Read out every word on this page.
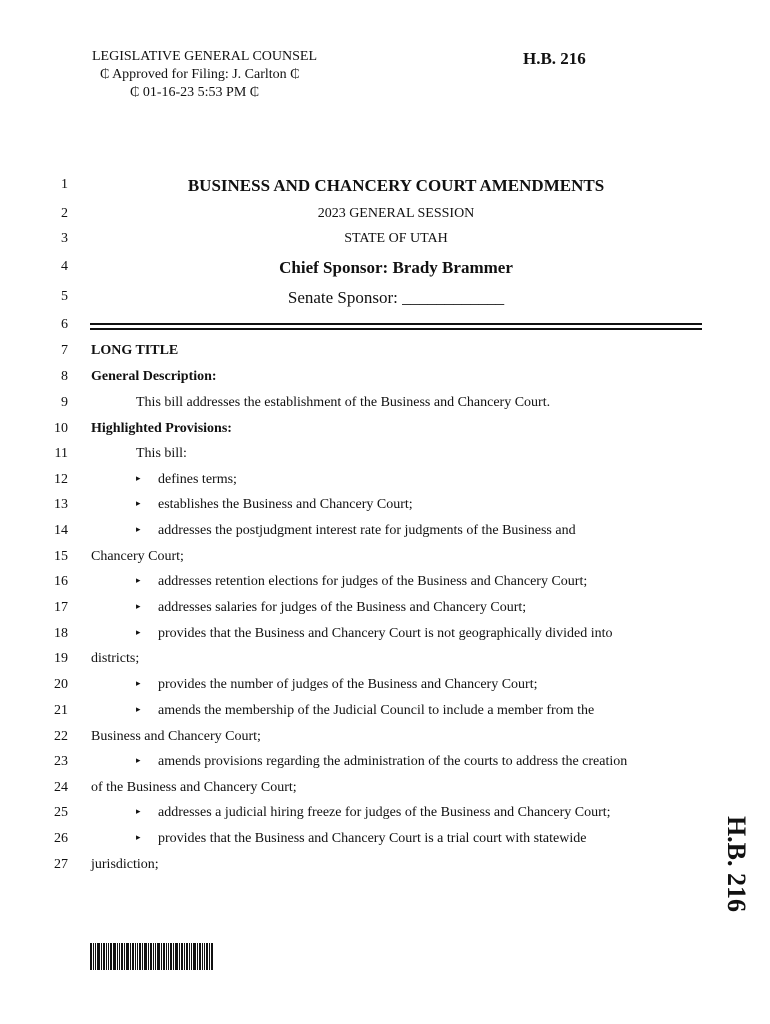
LEGISLATIVE GENERAL COUNSEL
₵ Approved for Filing: J. Carlton ₵
₵ 01-16-23 5:53 PM ₵
H.B. 216
1
2
3
4
5
6
7
8
9
10
11
12
13
14
15
16
17
18
19
20
21
22
23
24
25
26
27
BUSINESS AND CHANCERY COURT AMENDMENTS
2023 GENERAL SESSION
STATE OF UTAH
Chief Sponsor: Brady Brammer
Senate Sponsor: ____________
LONG TITLE
General Description:
This bill addresses the establishment of the Business and Chancery Court.
Highlighted Provisions:
This bill:
▸ defines terms;
▸ establishes the Business and Chancery Court;
▸ addresses the postjudgment interest rate for judgments of the Business and
Chancery Court;
▸ addresses retention elections for judges of the Business and Chancery Court;
▸ addresses salaries for judges of the Business and Chancery Court;
▸ provides that the Business and Chancery Court is not geographically divided into
districts;
▸ provides the number of judges of the Business and Chancery Court;
▸ amends the membership of the Judicial Council to include a member from the
Business and Chancery Court;
▸ amends provisions regarding the administration of the courts to address the creation
of the Business and Chancery Court;
▸ addresses a judicial hiring freeze for judges of the Business and Chancery Court;
▸ provides that the Business and Chancery Court is a trial court with statewide
jurisdiction;	H.B. 216
